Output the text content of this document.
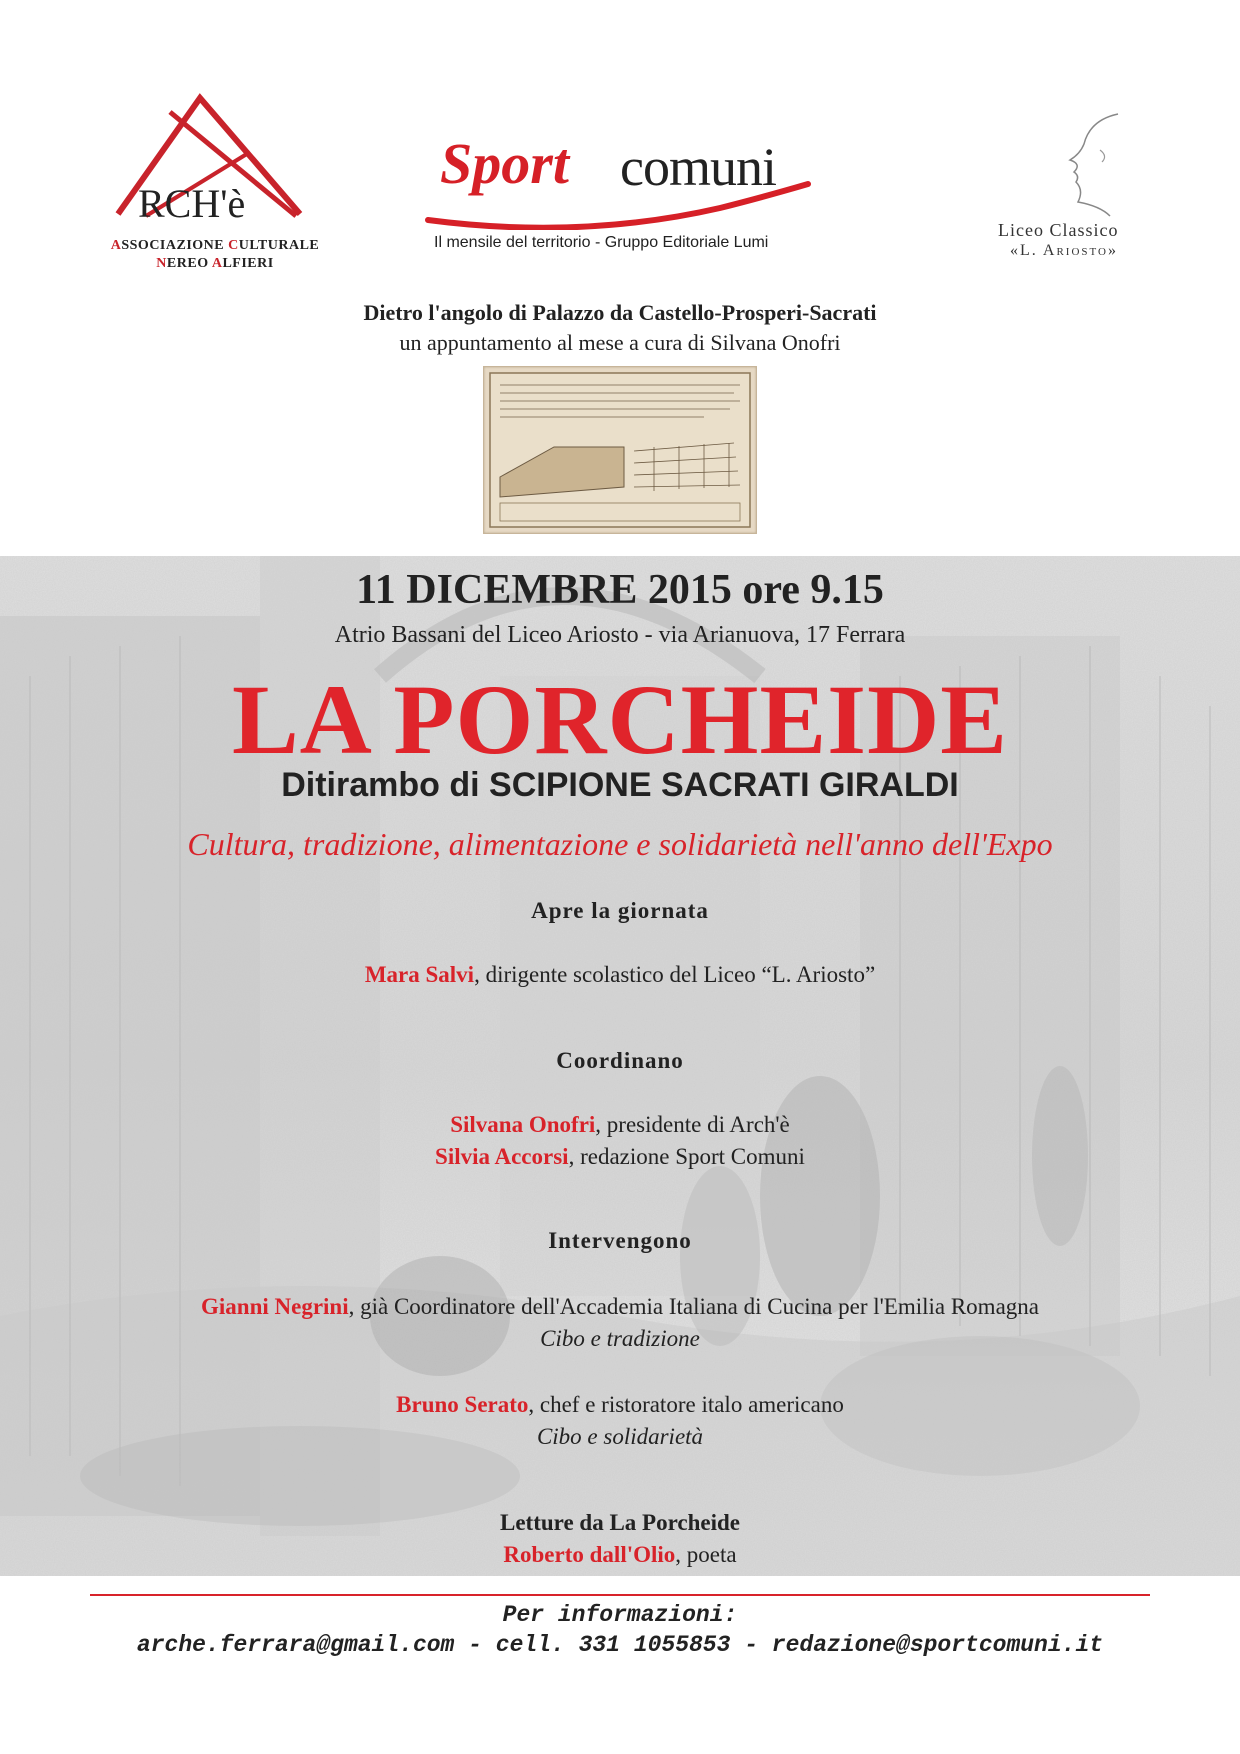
RCH'è
ASSOCIAZIONE CULTURALE
NEREO ALFIERI
Sport comuni
Il mensile del territorio - Gruppo Editoriale Lumi
Liceo Classico
«L. Ariosto»
Dietro l'angolo di Palazzo da Castello-Prosperi-Sacrati
un appuntamento al mese a cura di Silvana Onofri
11 DICEMBRE 2015 ore 9.15
Atrio Bassani del Liceo Ariosto - via Arianuova, 17 Ferrara
LA PORCHEIDE
Ditirambo di SCIPIONE SACRATI GIRALDI
Cultura, tradizione, alimentazione e solidarietà nell'anno dell'Expo
Apre la giornata
Mara Salvi, dirigente scolastico del Liceo “L. Ariosto”
Coordinano
Silvana Onofri, presidente di Arch'è
Silvia Accorsi, redazione Sport Comuni
Intervengono
Gianni Negrini, già Coordinatore dell'Accademia Italiana di Cucina per l'Emilia Romagna
Cibo e tradizione
Bruno Serato, chef e ristoratore italo americano
Cibo e solidarietà
Letture da La Porcheide
Roberto dall'Olio, poeta
Per informazioni:
arche.ferrara@gmail.com - cell. 331 1055853 - redazione@sportcomuni.it
